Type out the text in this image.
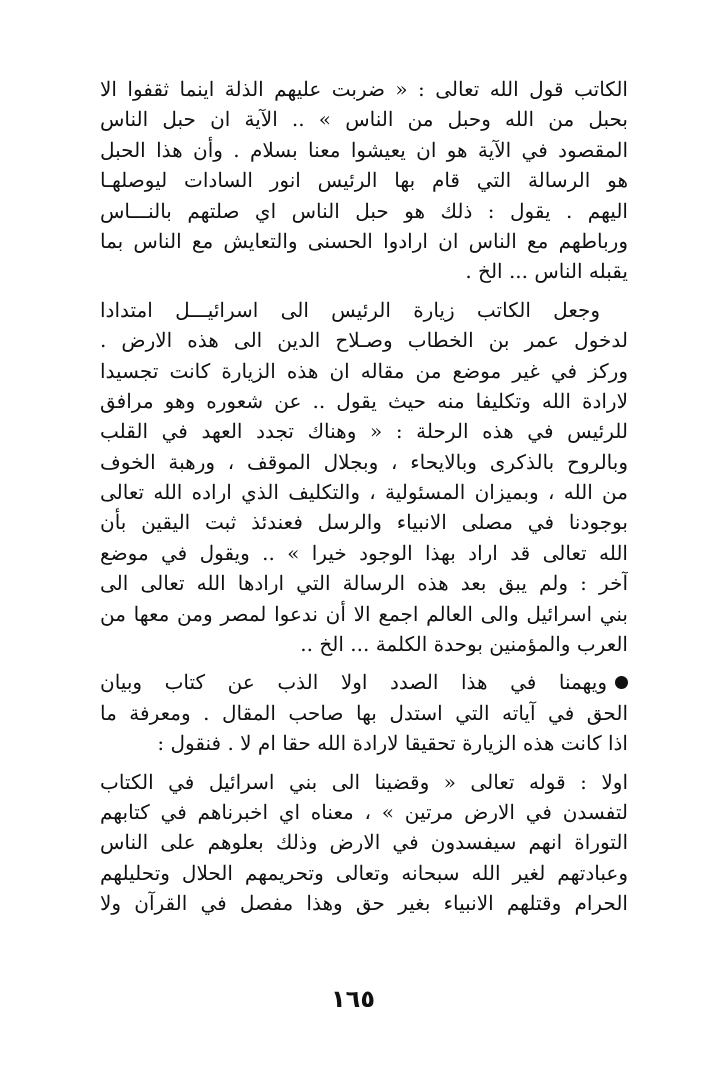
الكاتب قول الله تعالى : « ضربت عليهم الذلة اينما ثقفوا الا
بحبل من الله وحبل من الناس » .. الآية ان حبل الناس
المقصود في الآية هو ان يعيشوا معنا بسلام . وأن هذا الحبل
هو الرسالة التي قام بها الرئيس انور السادات ليوصلهـا
اليهم . يقول : ذلك هو حبل الناس اي صلتهم بالنـــاس
ورباطهم مع الناس ان ارادوا الحسنى والتعايش مع الناس بما
يقبله الناس ... الخ .
وجعل الكاتب زيارة الرئيس الى اسرائيـــل امتدادا
لدخول عمر بن الخطاب وصـلاح الدين الى هذه الارض .
وركز في غير موضع من مقاله ان هذه الزيارة كانت تجسيدا
لارادة الله وتكليفا منه حيث يقول .. عن شعوره وهو مرافق
للرئيس في هذه الرحلة : « وهناك تجدد العهد في القلب
وبالروح بالذكرى وبالايحاء ، وبجلال الموقف ، ورهبة الخوف
من الله ، وبميزان المسئولية ، والتكليف الذي اراده الله تعالى
بوجودنا في مصلى الانبياء والرسل فعندئذ ثبت اليقين بأن
الله تعالى قد اراد بهذا الوجود خيرا » .. ويقول في موضع
آخر : ولم يبق بعد هذه الرسالة التي ارادها الله تعالى الى
بني اسرائيل والى العالم اجمع الا أن ندعوا لمصر ومن معها من
العرب والمؤمنين بوحدة الكلمة ... الخ ..
ويهمنا في هذا الصدد اولا الذب عن كتاب وبيان
الحق في آياته التي استدل بها صاحب المقال . ومعرفة ما
اذا كانت هذه الزيارة تحقيقا لارادة الله حقا ام لا . فنقول :
اولا : قوله تعالى « وقضينا الى بني اسرائيل في الكتاب
لتفسدن في الارض مرتين » ، معناه اي اخبرناهم في كتابهم
التوراة انهم سيفسدون في الارض وذلك بعلوهم على الناس
وعبادتهم لغير الله سبحانه وتعالى وتحريمهم الحلال وتحليلهم
الحرام وقتلهم الانبياء بغير حق وهذا مفصل في القرآن ولا
١٦٥
